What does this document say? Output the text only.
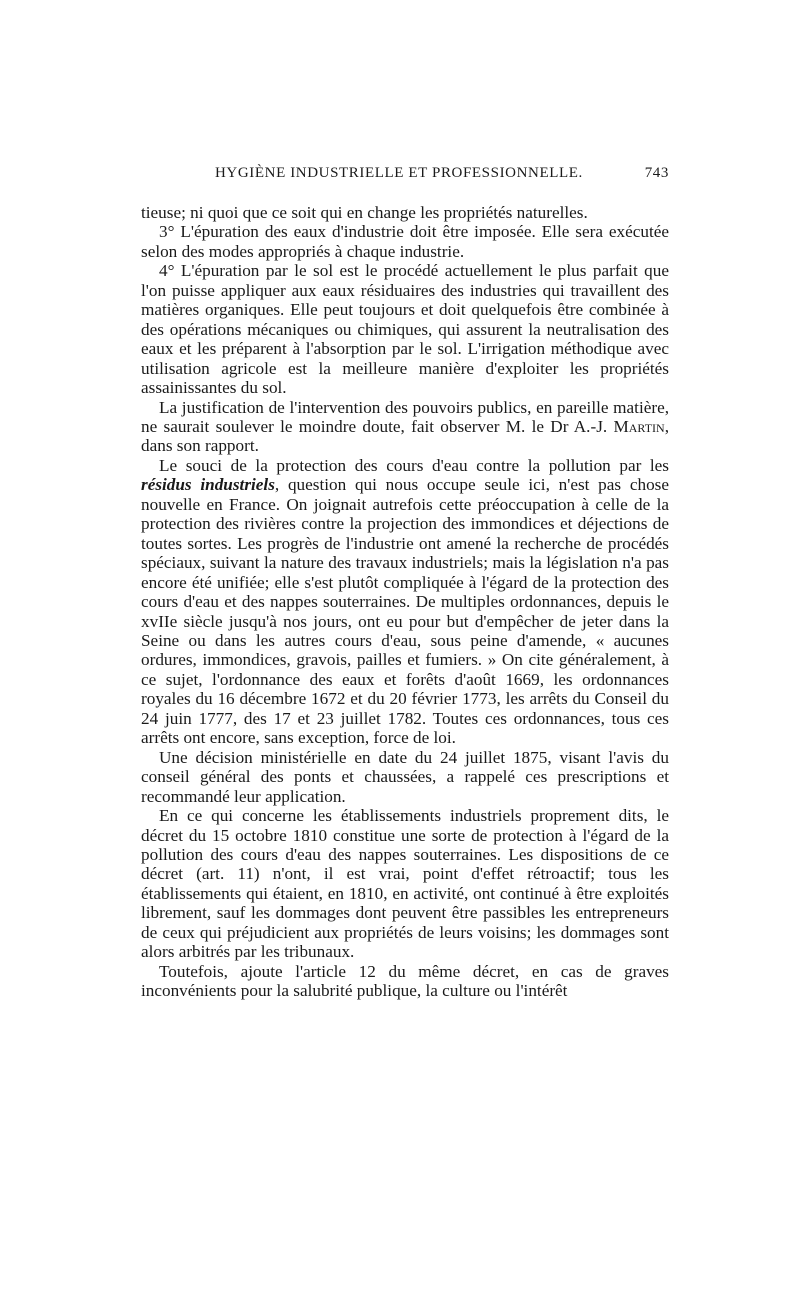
HYGIÈNE INDUSTRIELLE ET PROFESSIONNELLE.	743

tieuse; ni quoi que ce soit qui en change les propriétés naturelles.

3° L'épuration des eaux d'industrie doit être imposée. Elle sera exécutée selon des modes appropriés à chaque industrie.

4° L'épuration par le sol est le procédé actuellement le plus parfait que l'on puisse appliquer aux eaux résiduaires des industries qui travaillent des matières organiques. Elle peut toujours et doit quelquefois être combinée à des opérations mécaniques ou chimiques, qui assurent la neutralisation des eaux et les préparent à l'absorption par le sol. L'irrigation méthodique avec utilisation agricole est la meilleure manière d'exploiter les propriétés assainissantes du sol.

La justification de l'intervention des pouvoirs publics, en pareille matière, ne saurait soulever le moindre doute, fait observer M. le Dr A.-J. Martin, dans son rapport.

Le souci de la protection des cours d'eau contre la pollution par les résidus industriels, question qui nous occupe seule ici, n'est pas chose nouvelle en France. On joignait autrefois cette préoccupation à celle de la protection des rivières contre la projection des immondices et déjections de toutes sortes. Les progrès de l'industrie ont amené la recherche de procédés spéciaux, suivant la nature des travaux industriels; mais la législation n'a pas encore été unifiée; elle s'est plutôt compliquée à l'égard de la protection des cours d'eau et des nappes souterraines. De multiples ordonnances, depuis le xvIIe siècle jusqu'à nos jours, ont eu pour but d'empêcher de jeter dans la Seine ou dans les autres cours d'eau, sous peine d'amende, « aucunes ordures, immondices, gravois, pailles et fumiers. » On cite généralement, à ce sujet, l'ordonnance des eaux et forêts d'août 1669, les ordonnances royales du 16 décembre 1672 et du 20 février 1773, les arrêts du Conseil du 24 juin 1777, des 17 et 23 juillet 1782. Toutes ces ordonnances, tous ces arrêts ont encore, sans exception, force de loi.

Une décision ministérielle en date du 24 juillet 1875, visant l'avis du conseil général des ponts et chaussées, a rappelé ces prescriptions et recommandé leur application.

En ce qui concerne les établissements industriels proprement dits, le décret du 15 octobre 1810 constitue une sorte de protection à l'égard de la pollution des cours d'eau des nappes souterraines. Les dispositions de ce décret (art. 11) n'ont, il est vrai, point d'effet rétroactif; tous les établissements qui étaient, en 1810, en activité, ont continué à être exploités librement, sauf les dommages dont peuvent être passibles les entrepreneurs de ceux qui préjudicient aux propriétés de leurs voisins; les dommages sont alors arbitrés par les tribunaux.

Toutefois, ajoute l'article 12 du même décret, en cas de graves inconvénients pour la salubrité publique, la culture ou l'intérêt
